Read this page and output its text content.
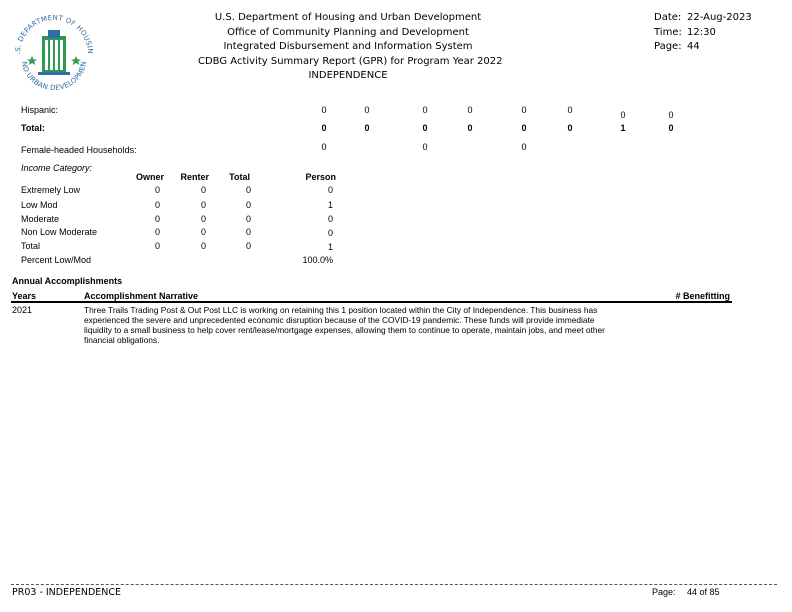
.S. DEPARTMENT OF HOUSIN
ND URBAN DEVELOPMEN
U.S. Department of Housing and Urban Development
Office of Community Planning and Development
Integrated Disbursement and Information System
CDBG Activity Summary Report (GPR) for Program Year 2022
INDEPENDENCE
Date: 22-Aug-2023
Time: 12:30
Page: 44
Hispanic:	0	0	0	0	0	0	0	0
Total:	0	0	0	0	0	0	1	0
Female-headed Households:	0	0	0
Income Category:
Owner	Renter	Total	Person
Extremely Low	0	0	0	0
Low Mod	0	0	0	1
Moderate	0	0	0	0
Non Low Moderate	0	0	0	0
Total	0	0	0	1
Percent Low/Mod	100.0%
Annual Accomplishments
Years	Accomplishment Narrative	# Benefitting
2021	Three Trails Trading Post & Out Post LLC is working on retaining this 1 position located within the City of Independence. This business has
experienced the severe and unprecedented economic disruption because of the COVID-19 pandemic. These funds will provide immediate
liquidity to a small business to help cover rent/lease/mortgage expenses, allowing them to continue to operate, maintain jobs, and meet other
financial obligations.
PR03 - INDEPENDENCE	Page: 44 of 85
